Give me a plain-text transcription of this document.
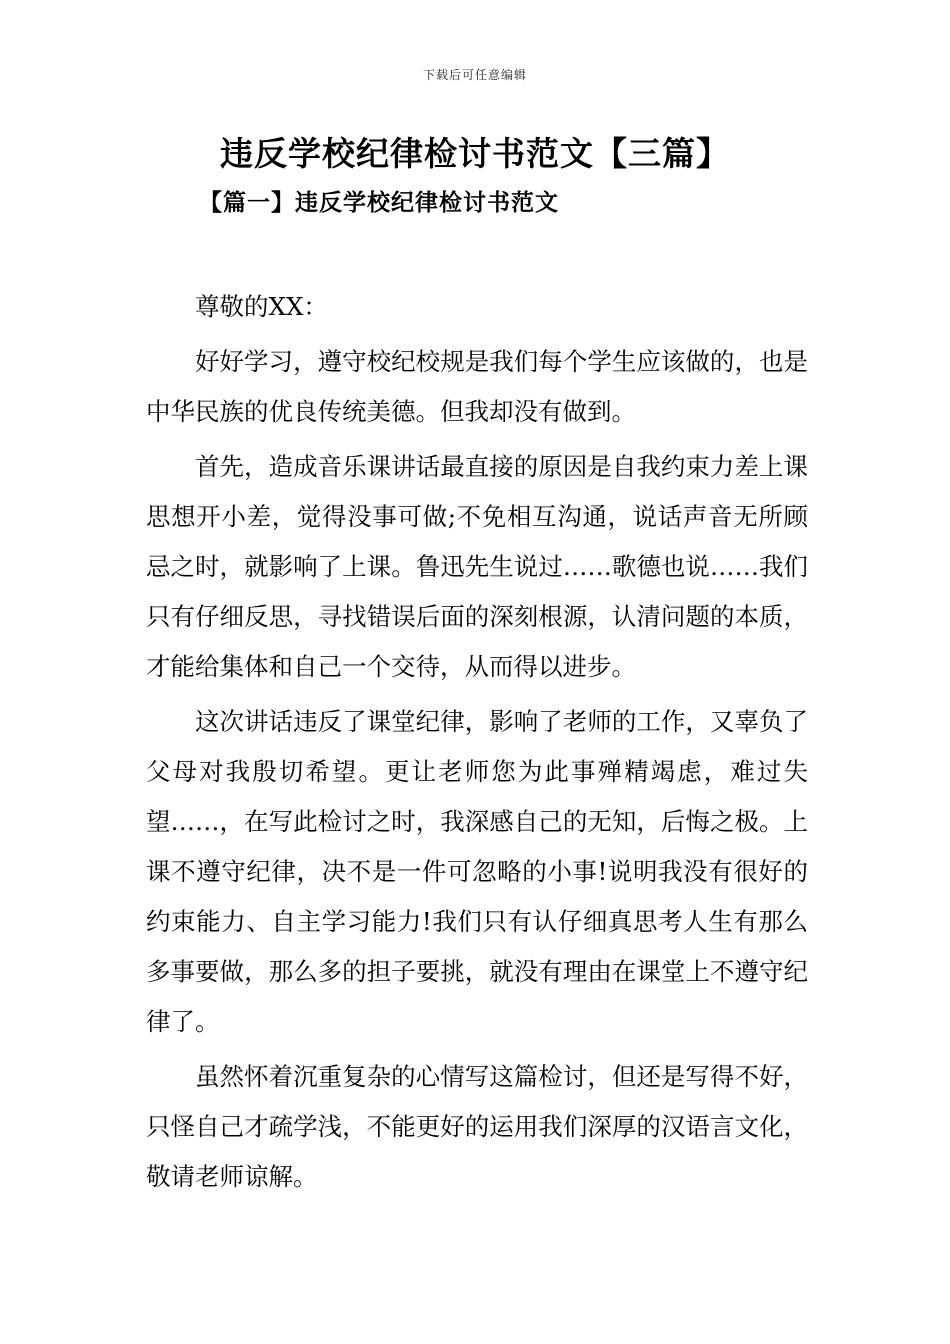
下载后可任意编辑
违反学校纪律检讨书范文【三篇】
【篇一】违反学校纪律检讨书范文

尊敬的XX：

好好学习，遵守校纪校规是我们每个学生应该做的，也是中华民族的优良传统美德。但我却没有做到。

首先，造成音乐课讲话最直接的原因是自我约束力差上课思想开小差，觉得没事可做;不免相互沟通，说话声音无所顾忌之时，就影响了上课。鲁迅先生说过……歌德也说……我们只有仔细反思，寻找错误后面的深刻根源，认清问题的本质，才能给集体和自己一个交待，从而得以进步。

这次讲话违反了课堂纪律，影响了老师的工作，又辜负了父母对我殷切希望。更让老师您为此事殚精竭虑，难过失望……，在写此检讨之时，我深感自己的无知，后悔之极。上课不遵守纪律，决不是一件可忽略的小事!说明我没有很好的约束能力、自主学习能力!我们只有认仔细真思考人生有那么多事要做，那么多的担子要挑，就没有理由在课堂上不遵守纪律了。

虽然怀着沉重复杂的心情写这篇检讨，但还是写得不好，只怪自己才疏学浅，不能更好的运用我们深厚的汉语言文化，敬请老师谅解。
